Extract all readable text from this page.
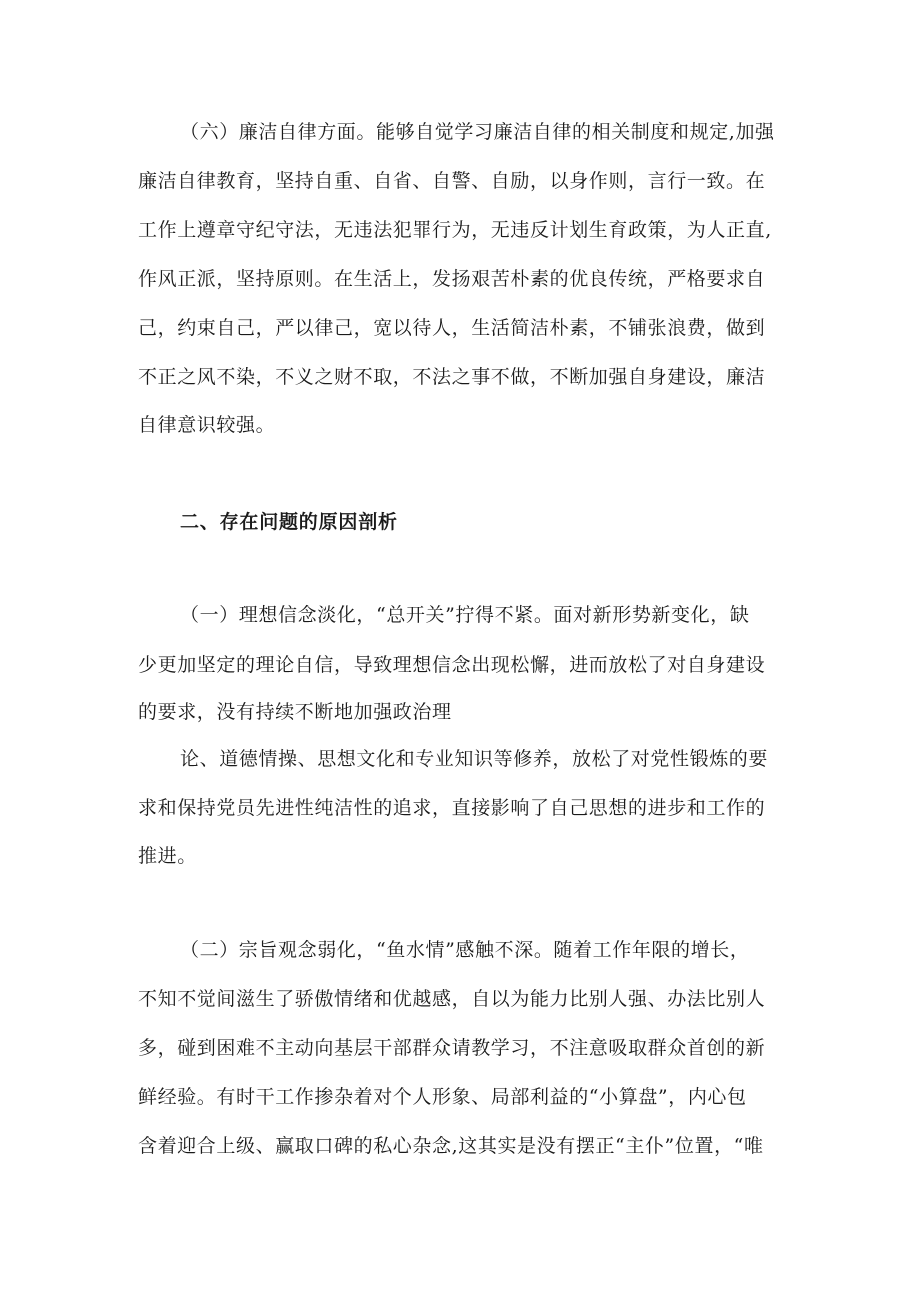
（六）廉洁自律方面。能够自觉学习廉洁自律的相关制度和规定,加强
廉洁自律教育，坚持自重、自省、自警、自励，以身作则，言行一致。在
工作上遵章守纪守法，无违法犯罪行为，无违反计划生育政策，为人正直,
作风正派，坚持原则。在生活上，发扬艰苦朴素的优良传统，严格要求自
己，约束自己，严以律己，宽以待人，生活简洁朴素，不铺张浪费，做到
不正之风不染，不义之财不取，不法之事不做，不断加强自身建设，廉洁
自律意识较强。
二、存在问题的原因剖析
（一）理想信念淡化，“总开关”拧得不紧。面对新形势新变化，缺
少更加坚定的理论自信，导致理想信念出现松懈，进而放松了对自身建设
的要求，没有持续不断地加强政治理
论、道德情操、思想文化和专业知识等修养，放松了对党性锻炼的要
求和保持党员先进性纯洁性的追求，直接影响了自己思想的进步和工作的
推进。
（二）宗旨观念弱化，“鱼水情”感触不深。随着工作年限的增长，
不知不觉间滋生了骄傲情绪和优越感，自以为能力比别人强、办法比别人
多，碰到困难不主动向基层干部群众请教学习，不注意吸取群众首创的新
鲜经验。有时干工作掺杂着对个人形象、局部利益的“小算盘”，内心包
含着迎合上级、赢取口碑的私心杂念,这其实是没有摆正“主仆”位置，“唯
